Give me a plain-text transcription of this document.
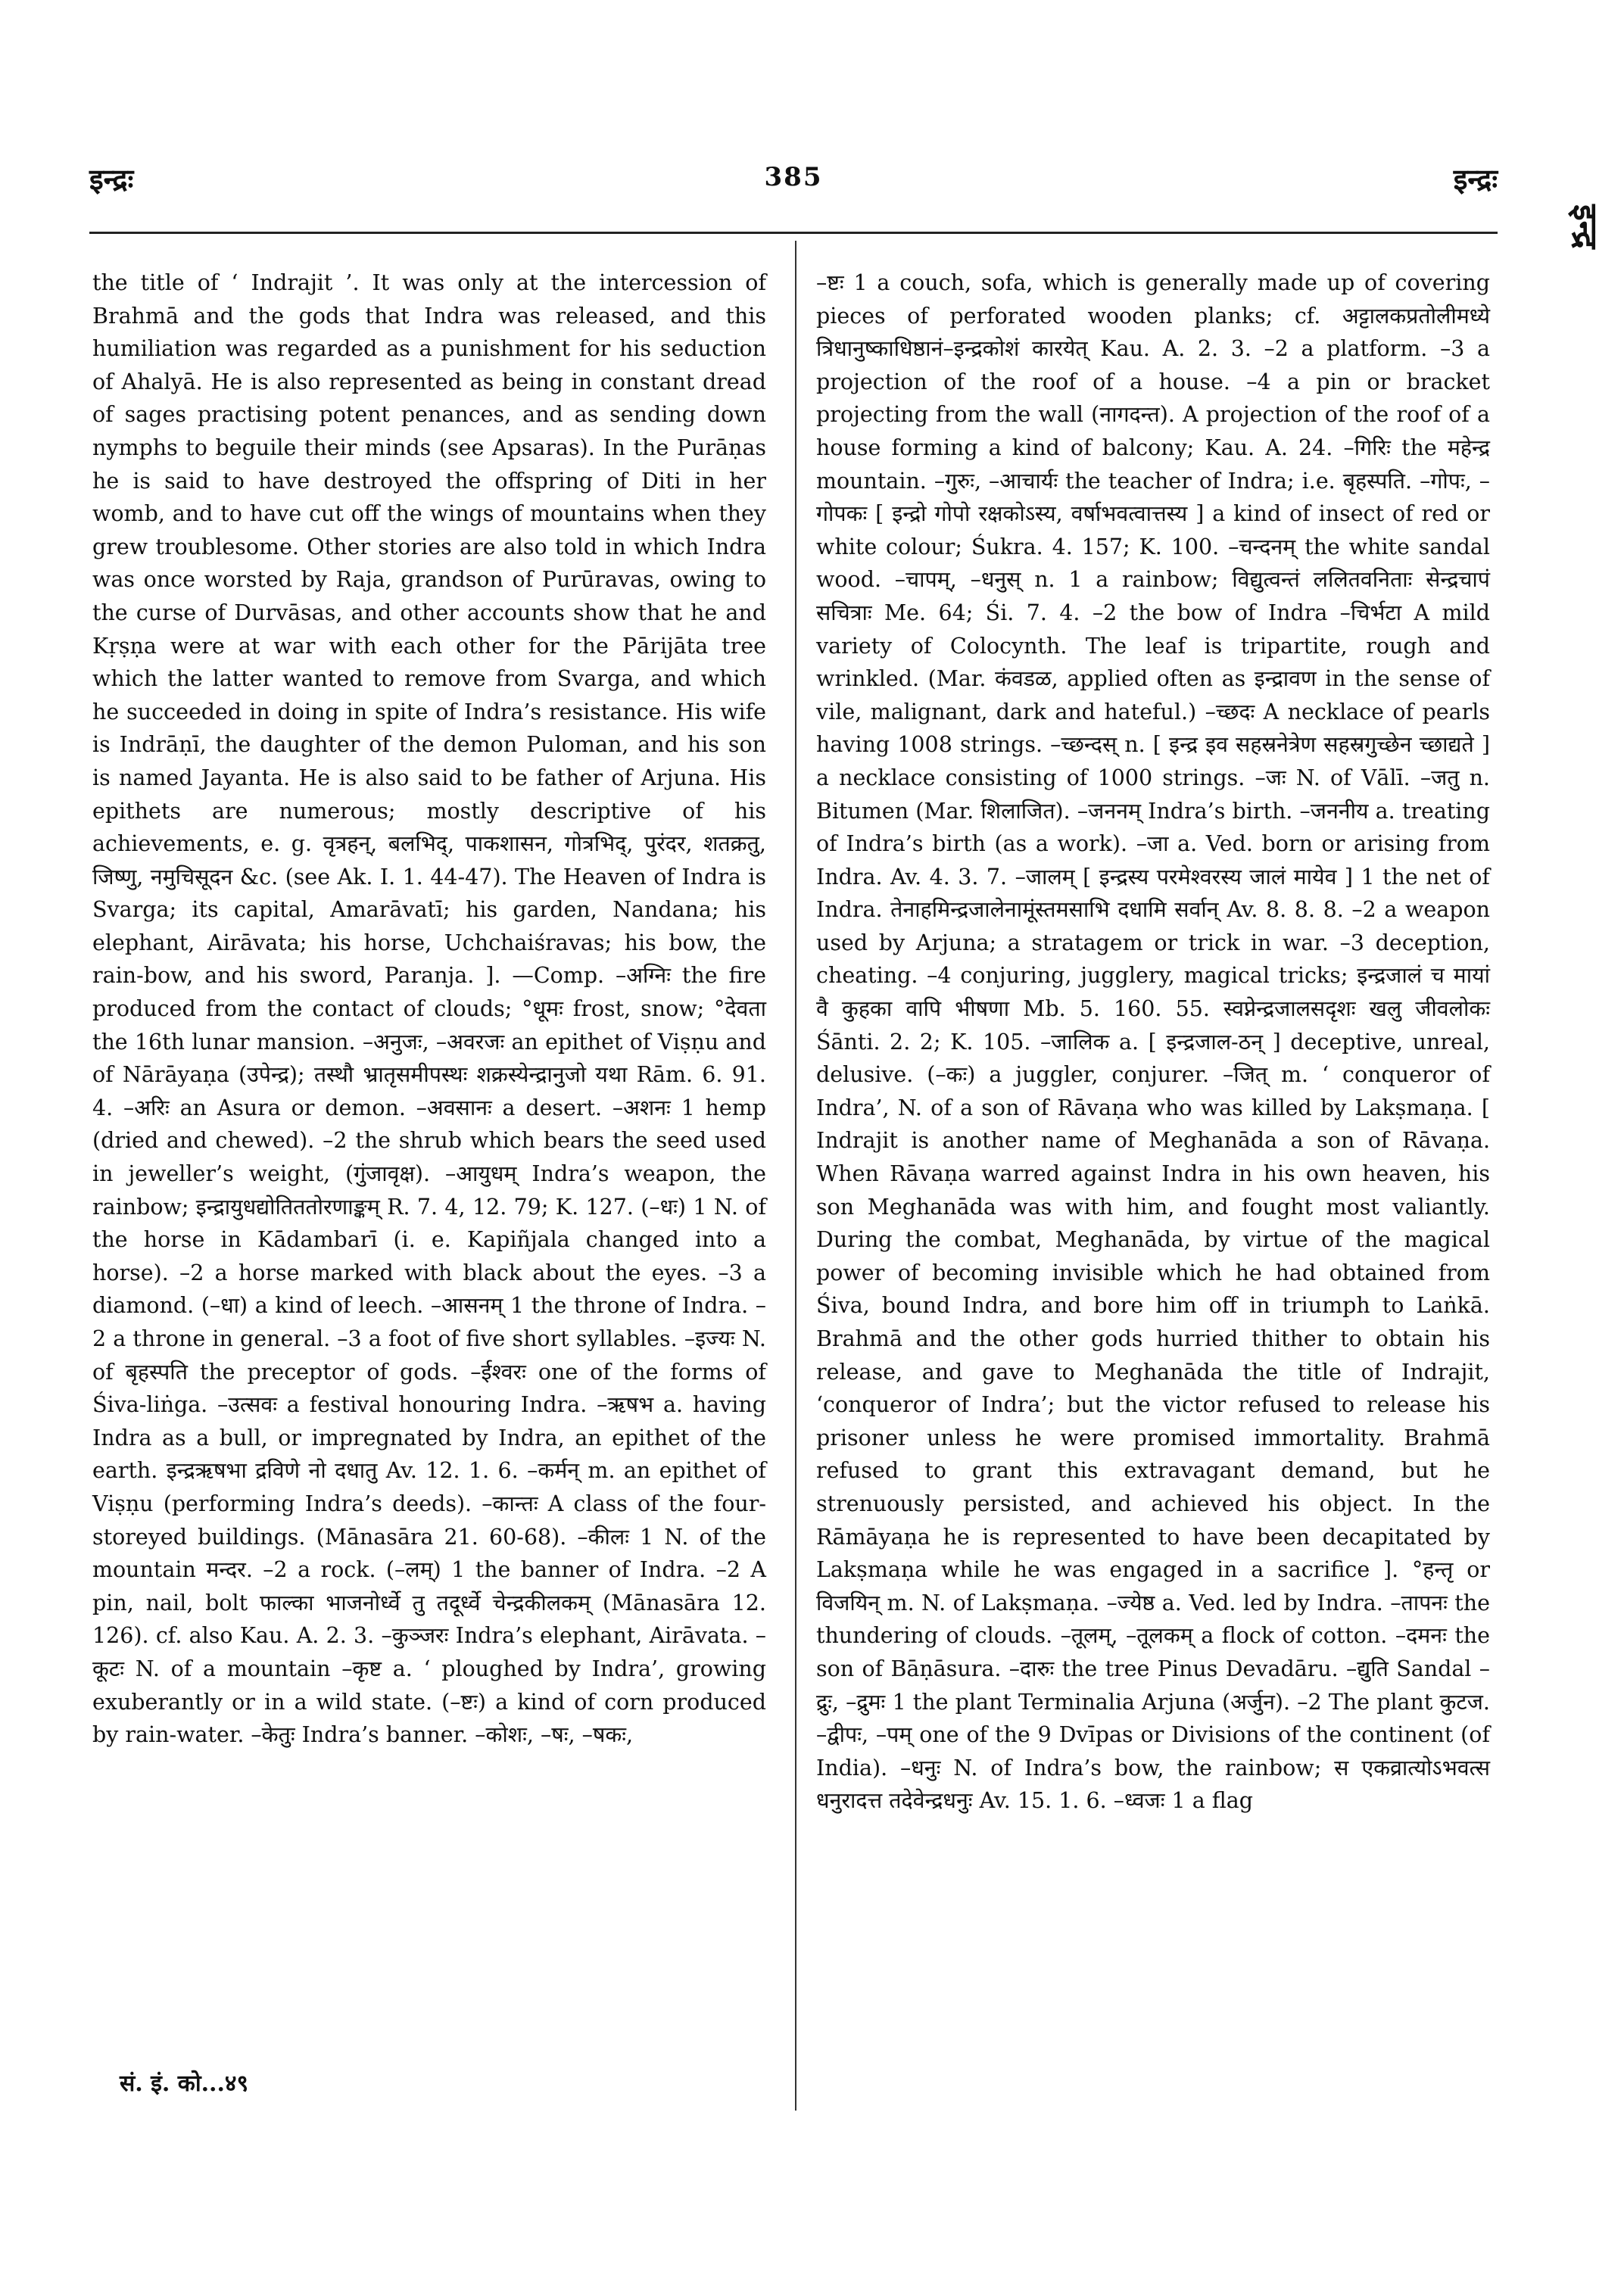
इन्द्रः	385	इन्द्रः
इन्द्र

the title of ‘ Indrajit ’. It was only at the intercession of Brahmā and the gods that Indra was released, and this humiliation was regarded as a punishment for his seduction of Ahalyā. He is also represented as being in constant dread of sages practising potent penances, and as sending down nymphs to beguile their minds (see Apsaras). In the Purāṇas he is said to have destroyed the offspring of Diti in her womb, and to have cut off the wings of mountains when they grew troublesome. Other stories are also told in which Indra was once worsted by Raja, grandson of Purūravas, owing to the curse of Durvāsas, and other accounts show that he and Kṛṣṇa were at war with each other for the Pārijāta tree which the latter wanted to remove from Svarga, and which he succeeded in doing in spite of Indra’s resistance. His wife is Indrāṇī, the daughter of the demon Puloman, and his son is named Jayanta. He is also said to be father of Arjuna. His epithets are numerous; mostly descriptive of his achievements, e. g. वृत्रहन्, बलभिद्, पाकशासन, गोत्रभिद्, पुरंदर, शतक्रतु, जिष्णु, नमुचिसूदन &c. (see Ak. I. 1. 44-47). The Heaven of Indra is Svarga; its capital, Amarāvatī; his garden, Nandana; his elephant, Airāvata; his horse, Uchchaiśravas; his bow, the rain-bow, and his sword, Paranja. ]. —Comp. –अग्निः the fire produced from the contact of clouds; °धूमः frost, snow; °देवता the 16th lunar mansion. –अनुजः, –अवरजः an epithet of Viṣṇu and of Nārāyaṇa (उपेन्द्र); तस्थौ भ्रातृसमीपस्थः शक्रस्येन्द्रानुजो यथा Rām. 6. 91. 4. –अरिः an Asura or demon. –अवसानः a desert. –अशनः 1 hemp (dried and chewed). –2 the shrub which bears the seed used in jeweller’s weight, (गुंजावृक्ष). –आयुधम् Indra’s weapon, the rainbow; इन्द्रायुधद्योतिततोरणाङ्कम् R. 7. 4, 12. 79; K. 127. (–धः) 1 N. of the horse in Kādambarī (i. e. Kapiñjala changed into a horse). –2 a horse marked with black about the eyes. –3 a diamond. (–धा) a kind of leech. –आसनम् 1 the throne of Indra. –2 a throne in general. –3 a foot of five short syllables. –इज्यः N. of बृहस्पति the preceptor of gods. –ईश्वरः one of the forms of Śiva-liṅga. –उत्सवः a festival honouring Indra. –ऋषभ a. having Indra as a bull, or impregnated by Indra, an epithet of the earth. इन्द्रऋषभा द्रविणे नो दधातु Av. 12. 1. 6. –कर्मन् m. an epithet of Viṣṇu (performing Indra’s deeds). –कान्तः A class of the four-storeyed buildings. (Mānasāra 21. 60-68). –कीलः 1 N. of the mountain मन्दर. –2 a rock. (–लम्) 1 the banner of Indra. –2 A pin, nail, bolt फाल्का भाजनोर्ध्वे तु तदूर्ध्वे चेन्द्रकीलकम् (Mānasāra 12. 126). cf. also Kau. A. 2. 3. –कुञ्जरः Indra’s elephant, Airāvata. –कूटः N. of a mountain –कृष्ट a. ‘ ploughed by Indra’, growing exuberantly or in a wild state. (–ष्टः) a kind of corn produced by rain-water. –केतुः Indra’s banner. –कोशः, –षः, –षकः,

–ष्टः 1 a couch, sofa, which is generally made up of covering pieces of perforated wooden planks; cf. अट्टालकप्रतोलीमध्ये त्रिधानुष्काधिष्ठानं–इन्द्रकोशं कारयेत् Kau. A. 2. 3. –2 a platform. –3 a projection of the roof of a house. –4 a pin or bracket projecting from the wall (नागदन्त). A projection of the roof of a house forming a kind of balcony; Kau. A. 24. –गिरिः the महेन्द्र mountain. –गुरुः, –आचार्यः the teacher of Indra; i.e. बृहस्पति. –गोपः, –गोपकः [ इन्द्रो गोपो रक्षकोऽस्य, वर्षाभवत्वात्तस्य ] a kind of insect of red or white colour; Śukra. 4. 157; K. 100. –चन्दनम् the white sandal wood. –चापम्, –धनुस् n. 1 a rainbow; विद्युत्वन्तं ललितवनिताः सेन्द्रचापं सचित्राः Me. 64; Śi. 7. 4. –2 the bow of Indra –चिर्भटा A mild variety of Colocynth. The leaf is tripartite, rough and wrinkled. (Mar. कंवडळ, applied often as इन्द्रावण in the sense of vile, malignant, dark and hateful.) –च्छदः A necklace of pearls having 1008 strings. –च्छन्दस् n. [ इन्द्र इव सहस्रनेत्रेण सहस्रगुच्छेन च्छाद्यते ] a necklace consisting of 1000 strings. –जः N. of Vālī. –जतु n. Bitumen (Mar. शिलाजित). –जननम् Indra’s birth. –जननीय a. treating of Indra’s birth (as a work). –जा a. Ved. born or arising from Indra. Av. 4. 3. 7. –जालम् [ इन्द्रस्य परमेश्वरस्य जालं मायेव ] 1 the net of Indra. तेनाहमिन्द्रजालेनामूंस्तमसाभि दधामि सर्वान् Av. 8. 8. 8. –2 a weapon used by Arjuna; a stratagem or trick in war. –3 deception, cheating. –4 conjuring, jugglery, magical tricks; इन्द्रजालं च मायां वै कुहका वापि भीषणा Mb. 5. 160. 55. स्वप्नेन्द्रजालसदृशः खलु जीवलोकः Śānti. 2. 2; K. 105. –जालिक a. [ इन्द्रजाल-ठन् ] deceptive, unreal, delusive. (–कः) a juggler, conjurer. –जित् m. ‘ conqueror of Indra’, N. of a son of Rāvaṇa who was killed by Lakṣmaṇa. [ Indrajit is another name of Meghanāda a son of Rāvaṇa. When Rāvaṇa warred against Indra in his own heaven, his son Meghanāda was with him, and fought most valiantly. During the combat, Meghanāda, by virtue of the magical power of becoming invisible which he had obtained from Śiva, bound Indra, and bore him off in triumph to Laṅkā. Brahmā and the other gods hurried thither to obtain his release, and gave to Meghanāda the title of Indrajit, ‘conqueror of Indra’; but the victor refused to release his prisoner unless he were promised immortality. Brahmā refused to grant this extravagant demand, but he strenuously persisted, and achieved his object. In the Rāmāyaṇa he is represented to have been decapitated by Lakṣmaṇa while he was engaged in a sacrifice ]. °हन्तृ or विजयिन् m. N. of Lakṣmaṇa. –ज्येष्ठ a. Ved. led by Indra. –तापनः the thundering of clouds. –तूलम्, –तूलकम् a flock of cotton. –दमनः the son of Bāṇāsura. –दारुः the tree Pinus Devadāru. –द्युति Sandal –द्रुः, –द्रुमः 1 the plant Terminalia Arjuna (अर्जुन). –2 The plant कुटज. –द्वीपः, –पम् one of the 9 Dvīpas or Divisions of the continent (of India). –धनुः N. of Indra’s bow, the rainbow; स एकव्रात्योऽभवत्स धनुरादत्त तदेवेन्द्रधनुः Av. 15. 1. 6. –ध्वजः 1 a flag

सं. इं. को...४९
